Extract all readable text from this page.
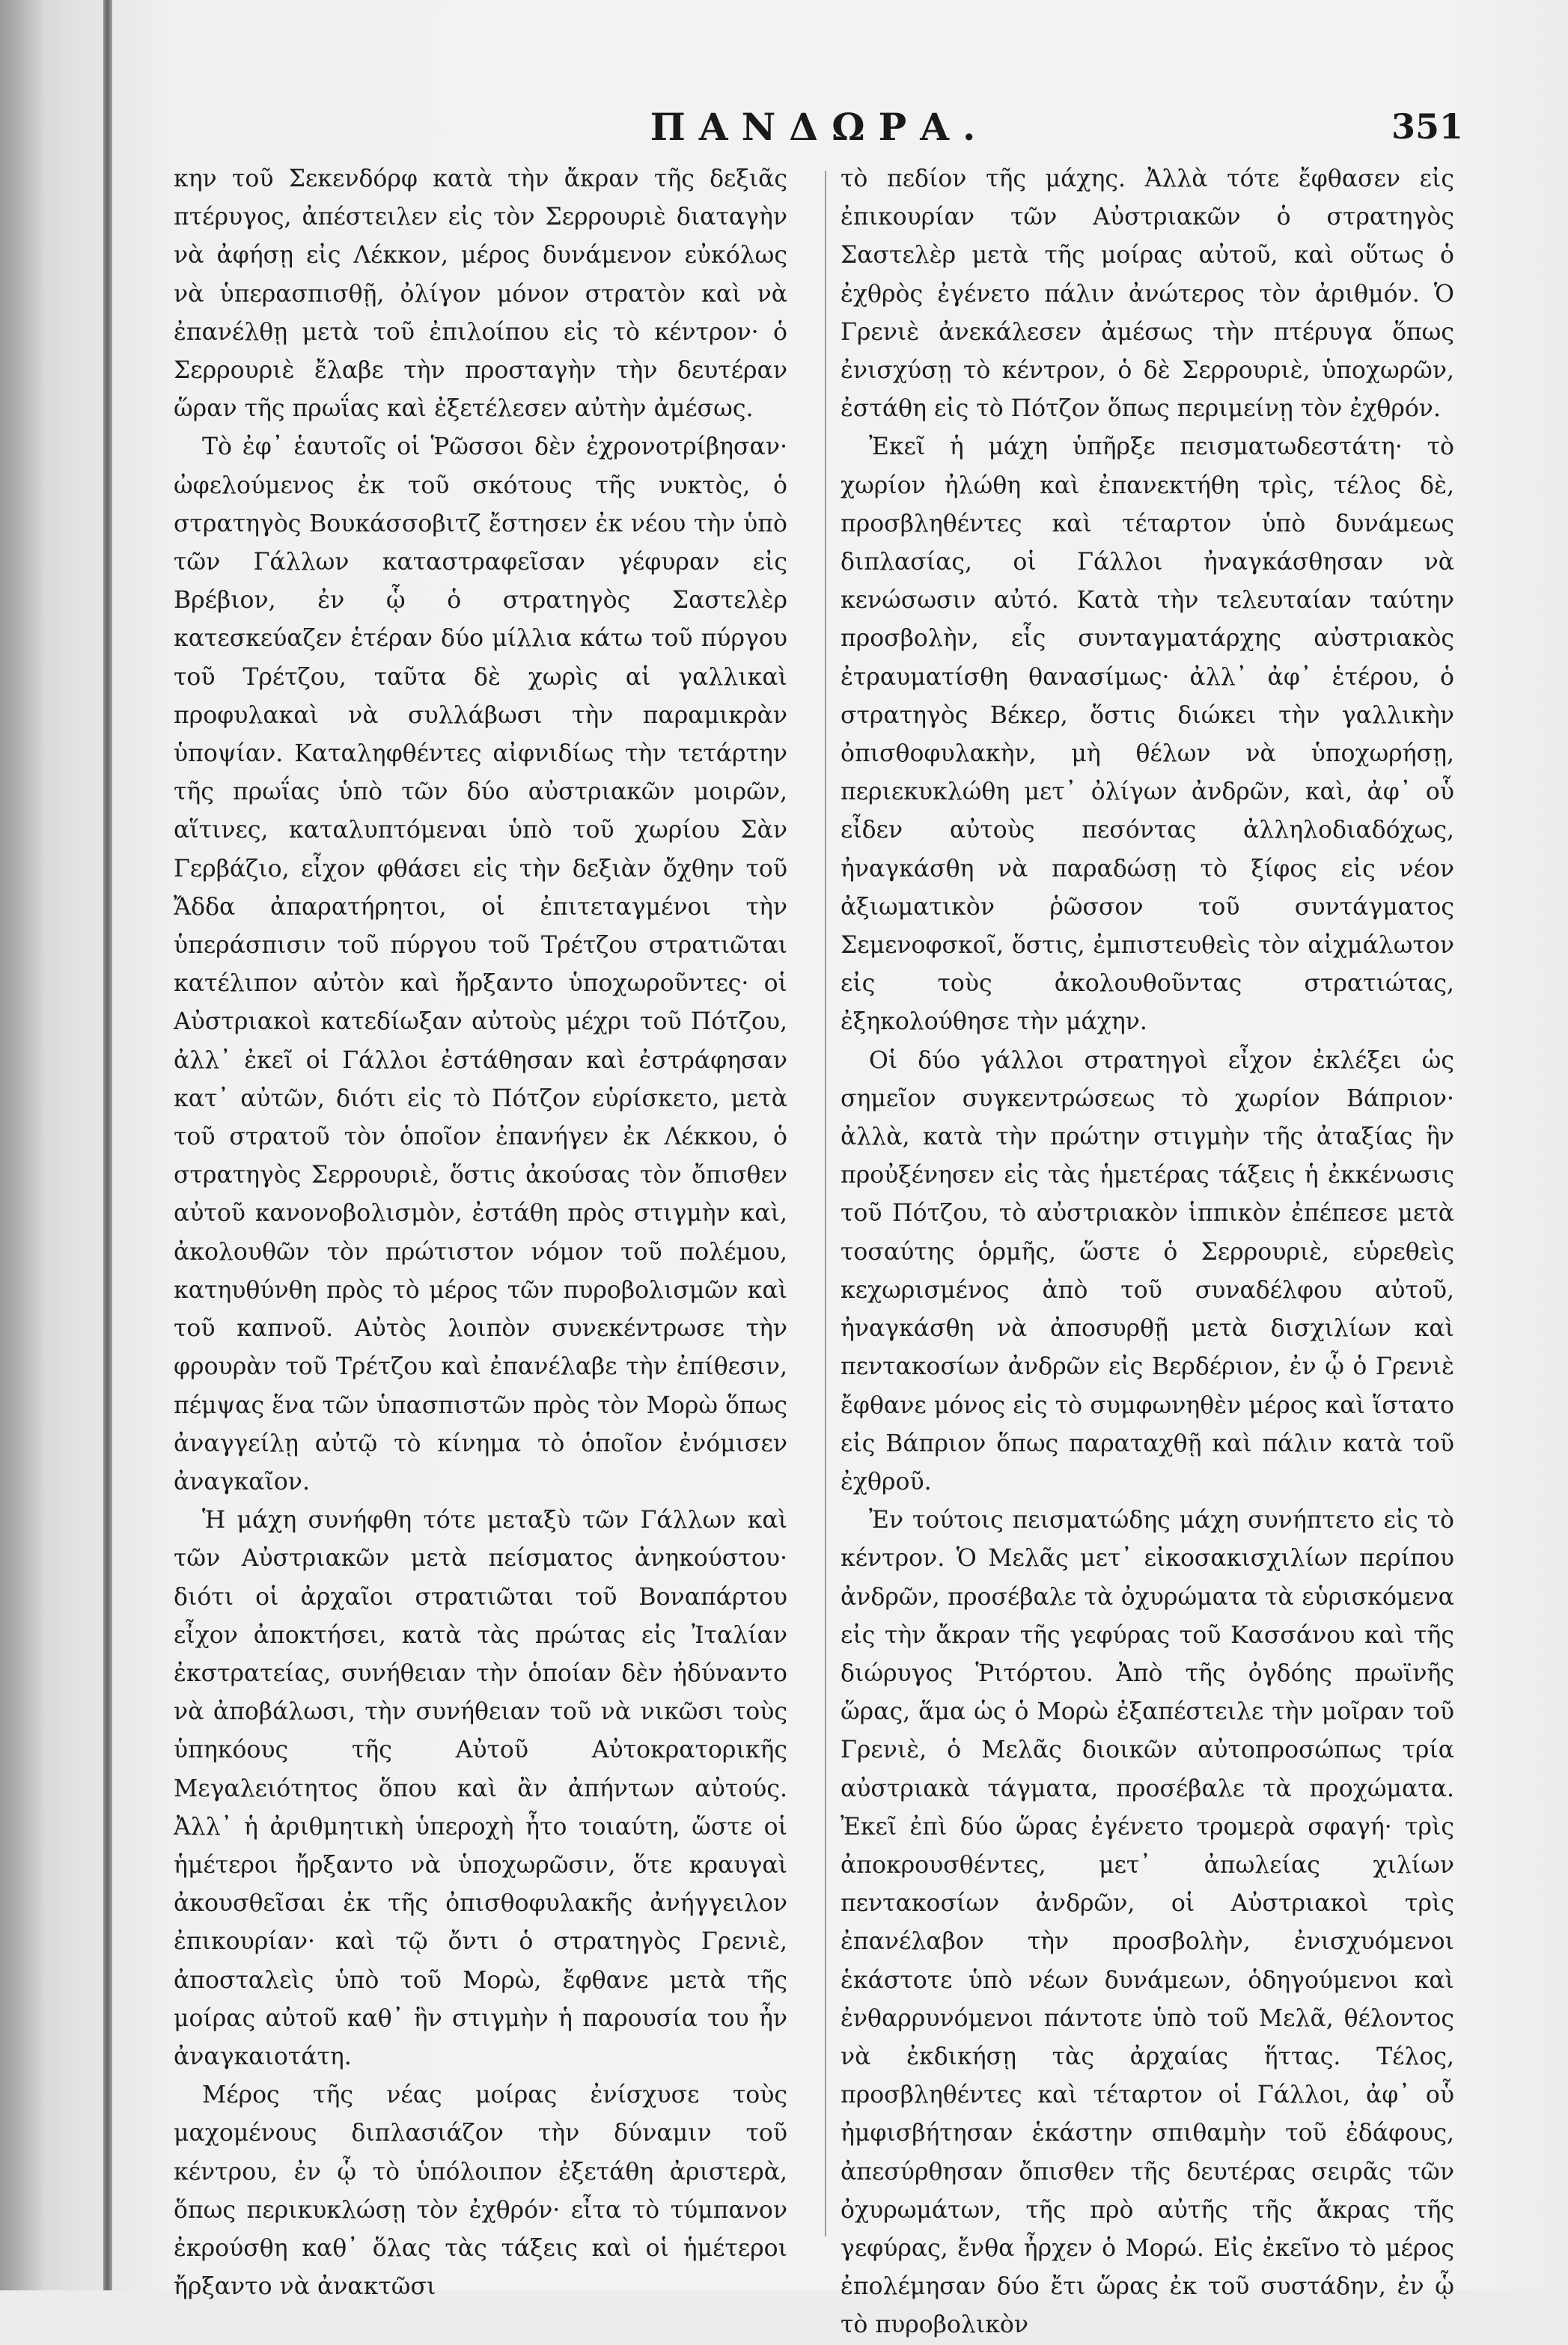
ΠΑΝΔΩΡΑ.	351

κην τοῦ Σεκενδόρφ κατὰ τὴν ἄκραν τῆς δεξιᾶς πτέρυγος, ἀπέστειλεν εἰς τὸν Σερρουριὲ διαταγὴν νὰ ἀφήσῃ εἰς Λέκκον, μέρος δυνάμενον εὐκόλως νὰ ὑπερασπισθῇ, ὀλίγον μόνον στρατὸν καὶ νὰ ἐπανέλθῃ μετὰ τοῦ ἐπιλοίπου εἰς τὸ κέντρον· ὁ Σερρουριὲ ἔλαβε τὴν προσταγὴν τὴν δευτέραν ὥραν τῆς πρωΐας καὶ ἐξετέλεσεν αὐτὴν ἀμέσως.

Τὸ ἐφ᾿ ἑαυτοῖς οἱ Ῥῶσσοι δὲν ἐχρονοτρίβησαν· ὠφελούμενος ἐκ τοῦ σκότους τῆς νυκτὸς, ὁ στρατηγὸς Βουκάσσοβιτζ ἔστησεν ἐκ νέου τὴν ὑπὸ τῶν Γάλλων καταστραφεῖσαν γέφυραν εἰς Βρέβιον, ἐν ᾧ ὁ στρατηγὸς Σαστελὲρ κατεσκεύαζεν ἑτέραν δύο μίλλια κάτω τοῦ πύργου τοῦ Τρέτζου, ταῦτα δὲ χωρὶς αἱ γαλλικαὶ προφυλακαὶ νὰ συλλάβωσι τὴν παραμικρὰν ὑποψίαν. Καταληφθέντες αἰφνιδίως τὴν τετάρτην τῆς πρωΐας ὑπὸ τῶν δύο αὐστριακῶν μοιρῶν, αἵτινες, καταλυπτόμεναι ὑπὸ τοῦ χωρίου Σὰν Γερβάζιο, εἶχον φθάσει εἰς τὴν δεξιὰν ὄχθην τοῦ Ἄδδα ἀπαρατήρητοι, οἱ ἐπιτεταγμένοι τὴν ὑπεράσπισιν τοῦ πύργου τοῦ Τρέτζου στρατιῶται κατέλιπον αὐτὸν καὶ ἤρξαντο ὑποχωροῦντες· οἱ Αὐστριακοὶ κατεδίωξαν αὐτοὺς μέχρι τοῦ Πότζου, ἀλλ᾿ ἐκεῖ οἱ Γάλλοι ἐστάθησαν καὶ ἐστράφησαν κατ᾿ αὐτῶν, διότι εἰς τὸ Πότζον εὑρίσκετο, μετὰ τοῦ στρατοῦ τὸν ὁποῖον ἐπανήγεν ἐκ Λέκκου, ὁ στρατηγὸς Σερρουριὲ, ὅστις ἀκούσας τὸν ὄπισθεν αὐτοῦ κανονοβολισμὸν, ἐστάθη πρὸς στιγμὴν καὶ, ἀκολουθῶν τὸν πρώτιστον νόμον τοῦ πολέμου, κατηυθύνθη πρὸς τὸ μέρος τῶν πυροβολισμῶν καὶ τοῦ καπνοῦ. Αὐτὸς λοιπὸν συνεκέντρωσε τὴν φρουρὰν τοῦ Τρέτζου καὶ ἐπανέλαβε τὴν ἐπίθεσιν, πέμψας ἕνα τῶν ὑπασπιστῶν πρὸς τὸν Μορὼ ὅπως ἀναγγείλῃ αὐτῷ τὸ κίνημα τὸ ὁποῖον ἐνόμισεν ἀναγκαῖον.

Ἡ μάχη συνήφθη τότε μεταξὺ τῶν Γάλλων καὶ τῶν Αὐστριακῶν μετὰ πείσματος ἀνηκούστου· διότι οἱ ἀρχαῖοι στρατιῶται τοῦ Βοναπάρτου εἶχον ἀποκτήσει, κατὰ τὰς πρώτας εἰς Ἰταλίαν ἐκστρατείας, συνήθειαν τὴν ὁποίαν δὲν ἠδύναντο νὰ ἀποβάλωσι, τὴν συνήθειαν τοῦ νὰ νικῶσι τοὺς ὑπηκόους τῆς Αὐτοῦ Αὐτοκρατορικῆς Μεγαλειότητος ὅπου καὶ ἂν ἀπήντων αὐτούς. Ἀλλ᾿ ἡ ἀριθμητικὴ ὑπεροχὴ ἦτο τοιαύτη, ὥστε οἱ ἡμέτεροι ἤρξαντο νὰ ὑποχωρῶσιν, ὅτε κραυγαὶ ἀκουσθεῖσαι ἐκ τῆς ὀπισθοφυλακῆς ἀνήγγειλον ἐπικουρίαν· καὶ τῷ ὄντι ὁ στρατηγὸς Γρενιὲ, ἀποσταλεὶς ὑπὸ τοῦ Μορὼ, ἔφθανε μετὰ τῆς μοίρας αὐτοῦ καθ᾿ ἣν στιγμὴν ἡ παρουσία του ἦν ἀναγκαιοτάτη.

Μέρος τῆς νέας μοίρας ἐνίσχυσε τοὺς μαχομένους διπλασιάζον τὴν δύναμιν τοῦ κέντρου, ἐν ᾧ τὸ ὑπόλοιπον ἐξετάθη ἀριστερὰ, ὅπως περικυκλώσῃ τὸν ἐχθρόν· εἶτα τὸ τύμπανον ἐκρούσθη καθ᾿ ὅλας τὰς τάξεις καὶ οἱ ἡμέτεροι ἤρξαντο νὰ ἀνακτῶσι

τὸ πεδίον τῆς μάχης. Ἀλλὰ τότε ἔφθασεν εἰς ἐπικουρίαν τῶν Αὐστριακῶν ὁ στρατηγὸς Σαστελὲρ μετὰ τῆς μοίρας αὐτοῦ, καὶ οὕτως ὁ ἐχθρὸς ἐγένετο πάλιν ἀνώτερος τὸν ἀριθμόν. Ὁ Γρενιὲ ἀνεκάλεσεν ἀμέσως τὴν πτέρυγα ὅπως ἐνισχύσῃ τὸ κέντρον, ὁ δὲ Σερρουριὲ, ὑποχωρῶν, ἐστάθη εἰς τὸ Πότζον ὅπως περιμείνῃ τὸν ἐχθρόν.

Ἐκεῖ ἡ μάχη ὑπῆρξε πεισματωδεστάτη· τὸ χωρίον ἠλώθη καὶ ἐπανεκτήθη τρὶς, τέλος δὲ, προσβληθέντες καὶ τέταρτον ὑπὸ δυνάμεως διπλασίας, οἱ Γάλλοι ἠναγκάσθησαν νὰ κενώσωσιν αὐτό. Κατὰ τὴν τελευταίαν ταύτην προσβολὴν, εἷς συνταγματάρχης αὐστριακὸς ἐτραυματίσθη θανασίμως· ἀλλ᾿ ἀφ᾿ ἑτέρου, ὁ στρατηγὸς Βέκερ, ὅστις διώκει τὴν γαλλικὴν ὀπισθοφυλακὴν, μὴ θέλων νὰ ὑποχωρήσῃ, περιεκυκλώθη μετ᾿ ὀλίγων ἀνδρῶν, καὶ, ἀφ᾿ οὗ εἶδεν αὐτοὺς πεσόντας ἀλληλοδιαδόχως, ἠναγκάσθη νὰ παραδώσῃ τὸ ξίφος εἰς νέον ἀξιωματικὸν ῥῶσσον τοῦ συντάγματος Σεμενοφσκοῖ, ὅστις, ἐμπιστευθεὶς τὸν αἰχμάλωτον εἰς τοὺς ἀκολουθοῦντας στρατιώτας, ἐξηκολούθησε τὴν μάχην.

Οἱ δύο γάλλοι στρατηγοὶ εἶχον ἐκλέξει ὡς σημεῖον συγκεντρώσεως τὸ χωρίον Βάπριον· ἀλλὰ, κατὰ τὴν πρώτην στιγμὴν τῆς ἀταξίας ἣν προὐξένησεν εἰς τὰς ἡμετέρας τάξεις ἡ ἐκκένωσις τοῦ Πότζου, τὸ αὐστριακὸν ἱππικὸν ἐπέπεσε μετὰ τοσαύτης ὁρμῆς, ὥστε ὁ Σερρουριὲ, εὑρεθεὶς κεχωρισμένος ἀπὸ τοῦ συναδέλφου αὐτοῦ, ἠναγκάσθη νὰ ἀποσυρθῇ μετὰ δισχιλίων καὶ πεντακοσίων ἀνδρῶν εἰς Βερδέριον, ἐν ᾧ ὁ Γρενιὲ ἔφθανε μόνος εἰς τὸ συμφωνηθὲν μέρος καὶ ἵστατο εἰς Βάπριον ὅπως παραταχθῇ καὶ πάλιν κατὰ τοῦ ἐχθροῦ.

Ἐν τούτοις πεισματώδης μάχη συνήπτετο εἰς τὸ κέντρον. Ὁ Μελᾶς μετ᾿ εἰκοσακισχιλίων περίπου ἀνδρῶν, προσέβαλε τὰ ὀχυρώματα τὰ εὑρισκόμενα εἰς τὴν ἄκραν τῆς γεφύρας τοῦ Κασσάνου καὶ τῆς διώρυγος Ῥιτόρτου. Ἀπὸ τῆς ὀγδόης πρωϊνῆς ὥρας, ἅμα ὡς ὁ Μορὼ ἐξαπέστειλε τὴν μοῖραν τοῦ Γρενιὲ, ὁ Μελᾶς διοικῶν αὐτοπροσώπως τρία αὐστριακὰ τάγματα, προσέβαλε τὰ προχώματα. Ἐκεῖ ἐπὶ δύο ὥρας ἐγένετο τρομερὰ σφαγή· τρὶς ἀποκρουσθέντες, μετ᾿ ἀπωλείας χιλίων πεντακοσίων ἀνδρῶν, οἱ Αὐστριακοὶ τρὶς ἐπανέλαβον τὴν προσβολὴν, ἐνισχυόμενοι ἑκάστοτε ὑπὸ νέων δυνάμεων, ὁδηγούμενοι καὶ ἐνθαρρυνόμενοι πάντοτε ὑπὸ τοῦ Μελᾶ, θέλοντος νὰ ἐκδικήσῃ τὰς ἀρχαίας ἥττας. Τέλος, προσβληθέντες καὶ τέταρτον οἱ Γάλλοι, ἀφ᾿ οὗ ἠμφισβήτησαν ἑκάστην σπιθαμὴν τοῦ ἐδάφους, ἀπεσύρθησαν ὄπισθεν τῆς δευτέρας σειρᾶς τῶν ὀχυρωμάτων, τῆς πρὸ αὐτῆς τῆς ἄκρας τῆς γεφύρας, ἔνθα ἦρχεν ὁ Μορώ. Εἰς ἐκεῖνο τὸ μέρος ἐπολέμησαν δύο ἔτι ὥρας ἐκ τοῦ συστάδην, ἐν ᾧ τὸ πυροβολικὸν
